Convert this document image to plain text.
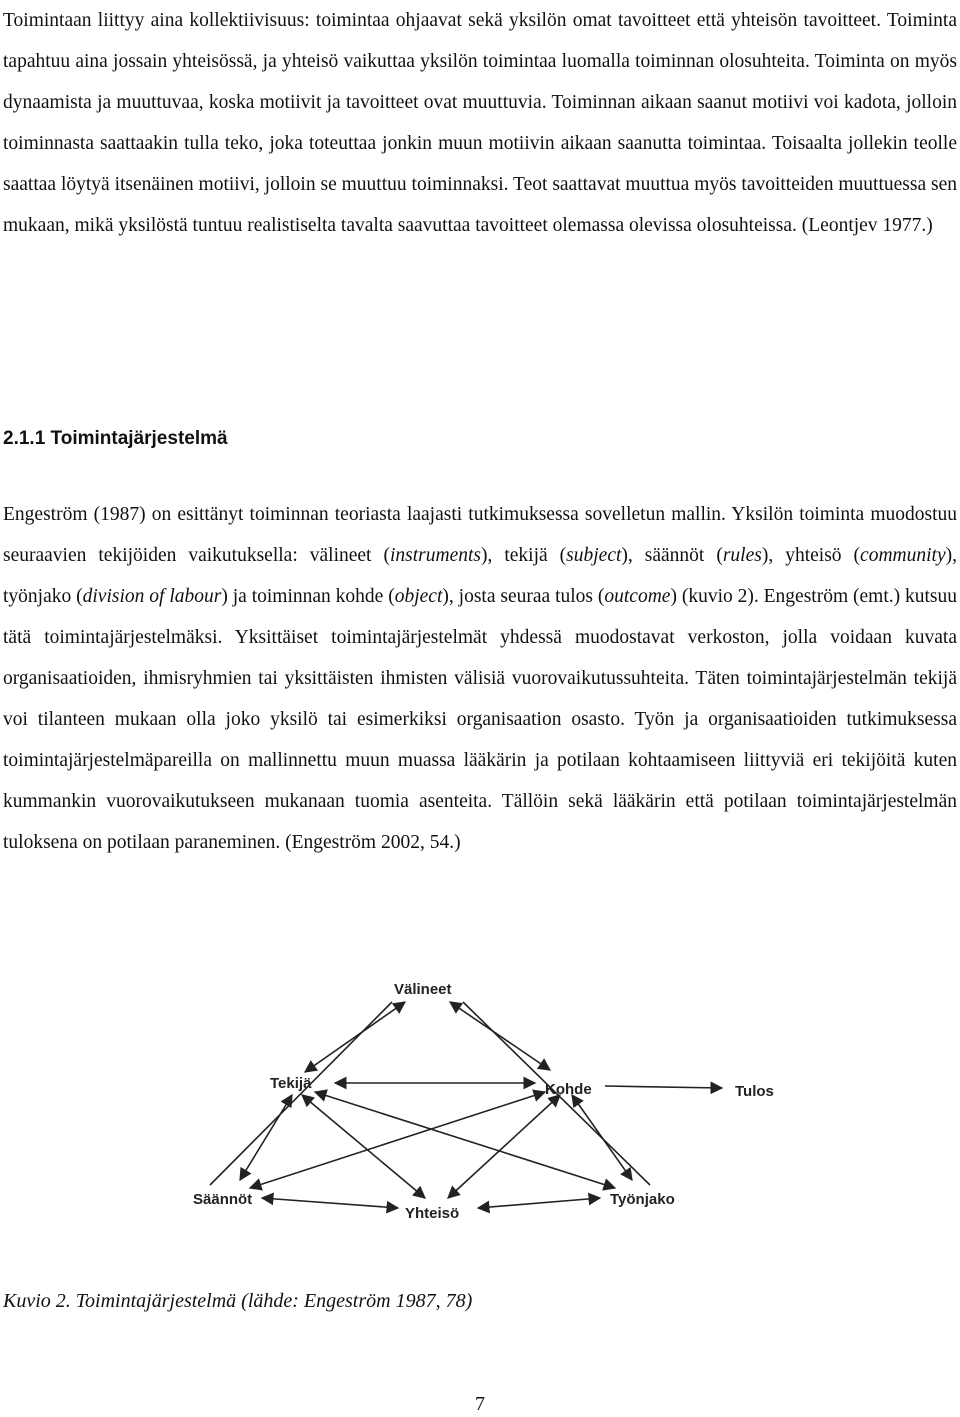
Toimintaan liittyy aina kollektiivisuus: toimintaa ohjaavat sekä yksilön omat tavoitteet että yhteisön tavoitteet. Toiminta tapahtuu aina jossain yhteisössä, ja yhteisö vaikuttaa yksilön toimintaa luomalla toiminnan olosuhteita. Toiminta on myös dynaamista ja muuttuvaa, koska motiivit ja tavoitteet ovat muuttuvia. Toiminnan aikaan saanut motiivi voi kadota, jolloin toiminnasta saattaakin tulla teko, joka toteuttaa jonkin muun motiivin aikaan saanutta toimintaa. Toisaalta jollekin teolle saattaa löytyä itsenäinen motiivi, jolloin se muuttuu toiminnaksi. Teot saattavat muuttua myös tavoitteiden muuttuessa sen mukaan, mikä yksilöstä tuntuu realistiselta tavalta saavuttaa tavoitteet olemassa olevissa olosuhteissa. (Leontjev 1977.)

2.1.1 Toimintajärjestelmä

Engeström (1987) on esittänyt toiminnan teoriasta laajasti tutkimuksessa sovelletun mallin. Yksilön toiminta muodostuu seuraavien tekijöiden vaikutuksella: välineet (instruments), tekijä (subject), säännöt (rules), yhteisö (community), työnjako (division of labour) ja toiminnan kohde (object), josta seuraa tulos (outcome) (kuvio 2). Engeström (emt.) kutsuu tätä toimintajärjestelmäksi. Yksittäiset toimintajärjestelmät yhdessä muodostavat verkoston, jolla voidaan kuvata organisaatioiden, ihmisryhmien tai yksittäisten ihmisten välisiä vuorovaikutussuhteita. Täten toimintajärjestelmän tekijä voi tilanteen mukaan olla joko yksilö tai esimerkiksi organisaation osasto. Työn ja organisaatioiden tutkimuksessa toimintajärjestelmäpareilla on mallinnettu muun muassa lääkärin ja potilaan kohtaamiseen liittyviä eri tekijöitä kuten kummankin vuorovaikutukseen mukanaan tuomia asenteita. Tällöin sekä lääkärin että potilaan toimintajärjestelmän tuloksena on potilaan paraneminen. (Engeström 2002, 54.)

Välineet
Tekijä	Kohde	Tulos
Säännöt
Yhteisö
Työnjako

Kuvio 2. Toimintajärjestelmä (lähde: Engeström 1987, 78)

7
